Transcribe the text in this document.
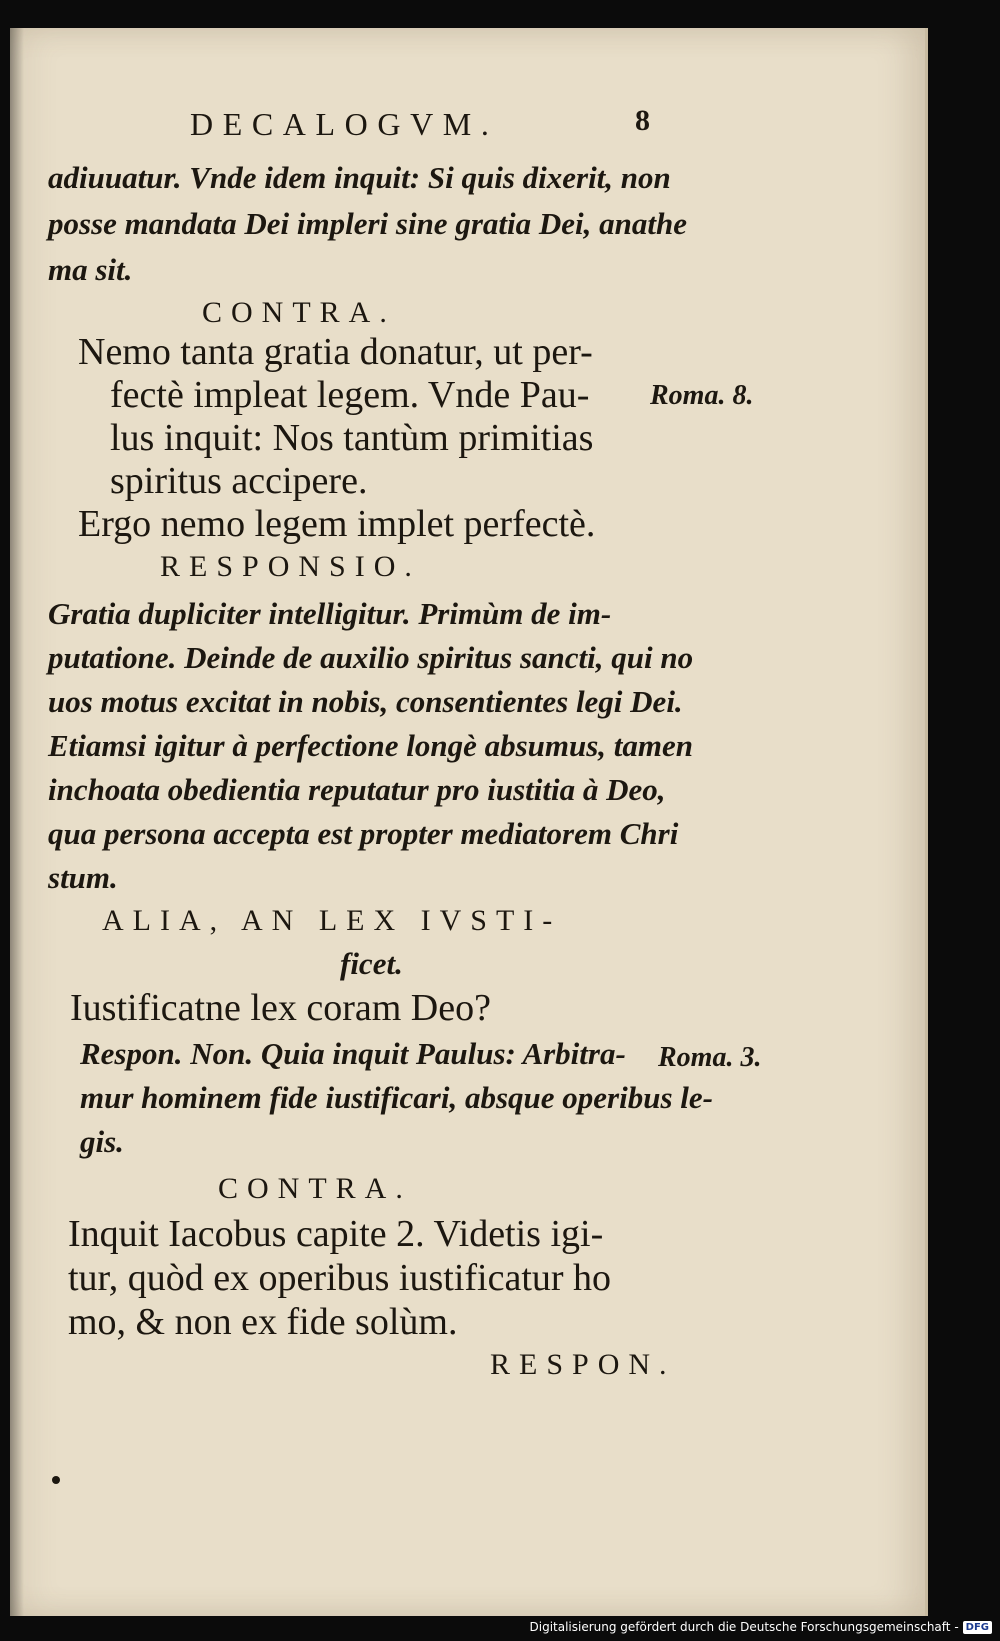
DECALOGVM.	8
adiuuatur. Vnde idem inquit: Si quis dixerit, non
posse mandata Dei impleri sine gratia Dei, anathe
ma sit.
CONTRA.
Nemo tanta gratia donatur, ut per-
fectè impleat legem. Vnde Pau- Roma. 8.
lus inquit: Nos tantùm primitias
spiritus accipere.
Ergo nemo legem implet perfectè.
RESPONSIO.
Gratia dupliciter intelligitur. Primùm de im-
putatione. Deinde de auxilio spiritus sancti, qui no
uos motus excitat in nobis, consentientes legi Dei.
Etiamsi igitur à perfectione longè absumus, tamen
inchoata obedientia reputatur pro iustitia à Deo,
qua persona accepta est propter mediatorem Chri
stum.
ALIA, AN LEX IVSTI-
ficet.
Iustificatne lex coram Deo?
Respon. Non. Quia inquit Paulus: Arbitra- Roma. 3.
mur hominem fide iustificari, absque operibus le-
gis.
CONTRA.
Inquit Iacobus capite 2. Videtis igi-
tur, quòd ex operibus iustificatur ho
mo, & non ex fide solùm.
RESPON.
Digitalisierung gefördert durch die Deutsche Forschungsgemeinschaft - DFG
